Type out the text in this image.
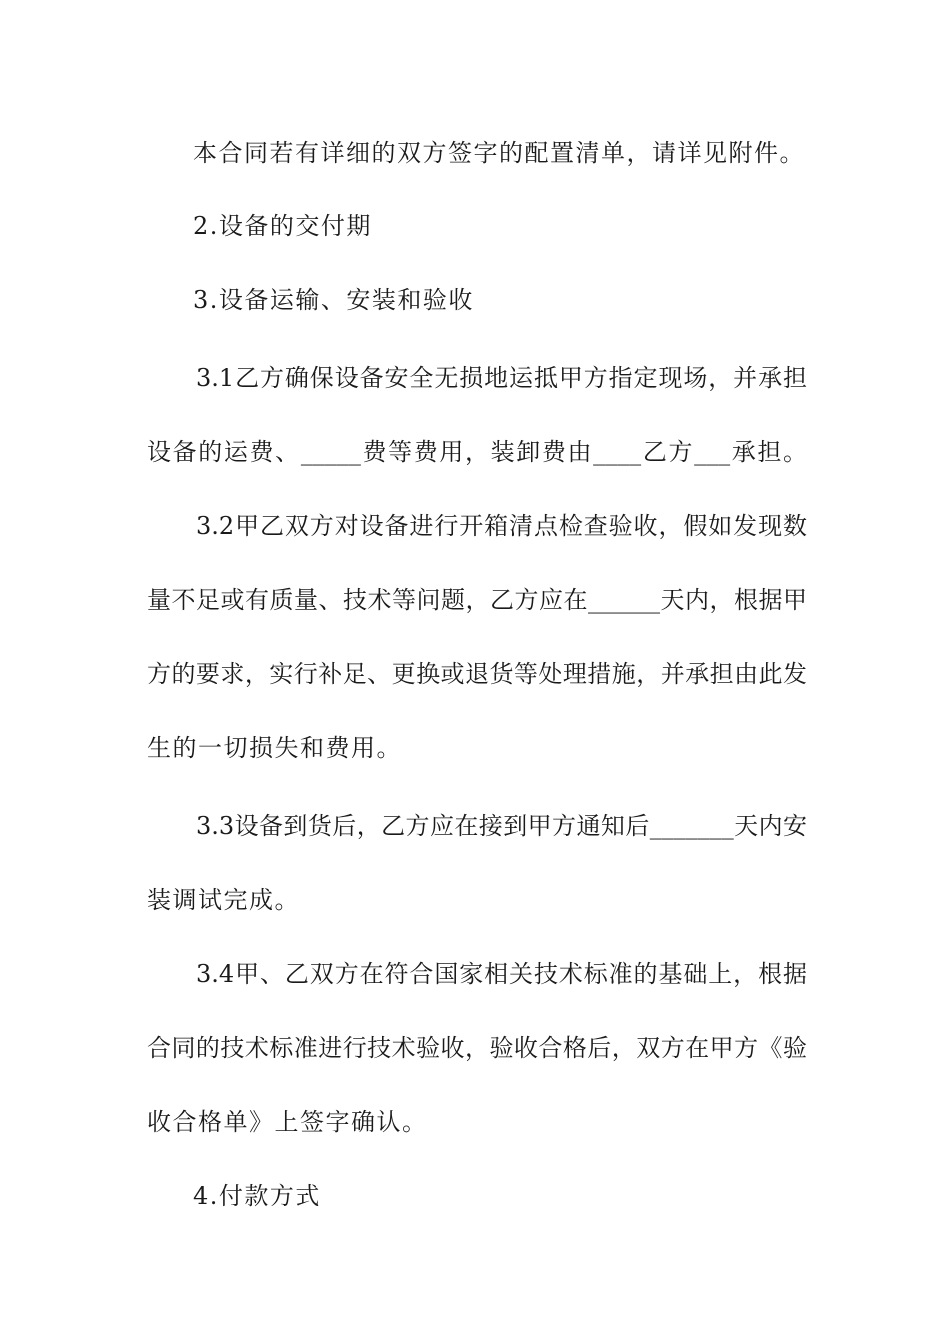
本合同若有详细的双方签字的配置清单，请详见附件。
2.设备的交付期
3.设备运输、安装和验收
3.1乙方确保设备安全无损地运抵甲方指定现场，并承担
设备的运费、_____费等费用，装卸费由____乙方___承担。
3.2甲乙双方对设备进行开箱清点检查验收，假如发现数
量不足或有质量、技术等问题，乙方应在______天内，根据甲
方的要求，实行补足、更换或退货等处理措施，并承担由此发
生的一切损失和费用。
3.3设备到货后，乙方应在接到甲方通知后_______天内安
装调试完成。
3.4甲、乙双方在符合国家相关技术标准的基础上，根据
合同的技术标准进行技术验收，验收合格后，双方在甲方《验
收合格单》上签字确认。
4.付款方式
